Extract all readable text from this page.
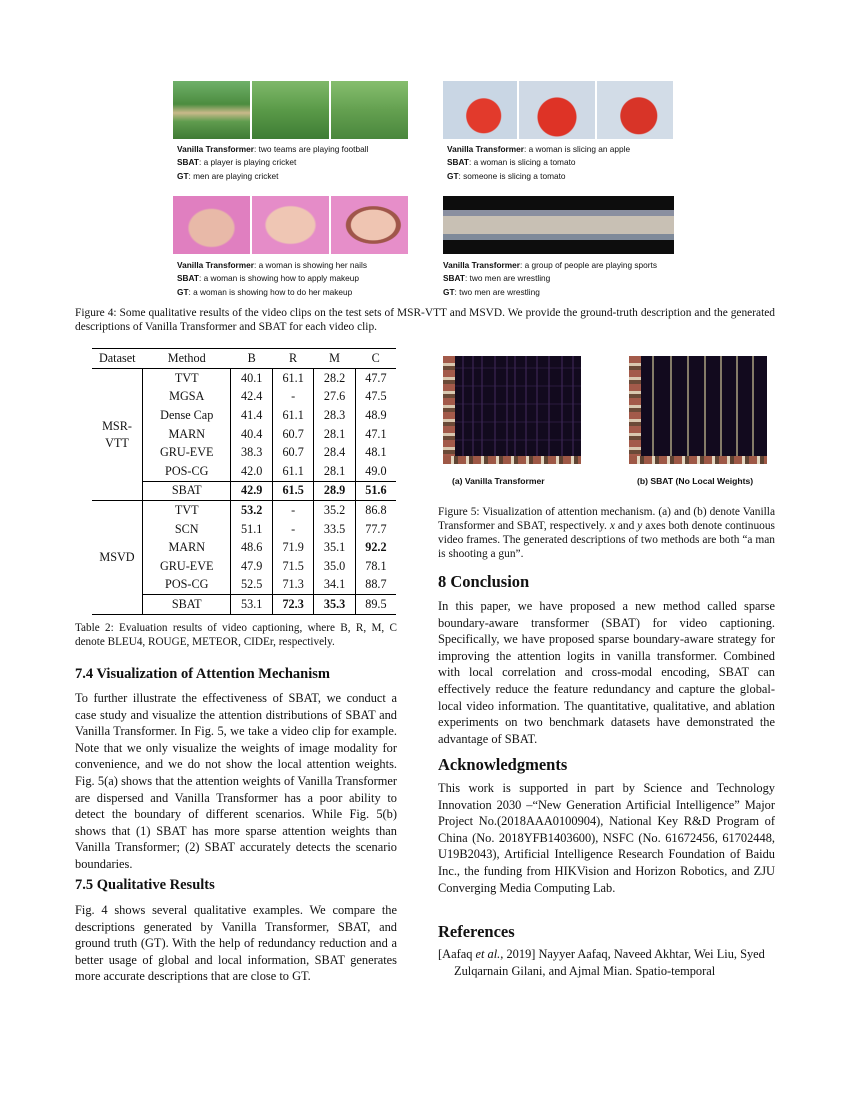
Vanilla Transformer: two teams are playing football
SBAT: a player is playing cricket
GT: men are playing cricket
Vanilla Transformer: a woman is slicing an apple
SBAT: a woman is slicing a tomato
GT: someone is slicing a tomato
Vanilla Transformer: a woman is showing her nails
SBAT: a woman is showing how to apply makeup
GT: a woman is showing how to do her makeup
Vanilla Transformer: a group of people are playing sports
SBAT: two men are wrestling
GT: two men are wrestling
Figure 4: Some qualitative results of the video clips on the test sets of MSR-VTT and MSVD. We provide the ground-truth description and the generated descriptions of Vanilla Transformer and SBAT for each video clip.
Dataset	Method	B	R	M	C
MSR-VTT	TVT	40.1	61.1	28.2	47.7
	MGSA	42.4	-	27.6	47.5
	Dense Cap	41.4	61.1	28.3	48.9
	MARN	40.4	60.7	28.1	47.1
	GRU-EVE	38.3	60.7	28.4	48.1
	POS-CG	42.0	61.1	28.1	49.0
	SBAT	42.9	61.5	28.9	51.6
MSVD	TVT	53.2	-	35.2	86.8
	SCN	51.1	-	33.5	77.7
	MARN	48.6	71.9	35.1	92.2
	GRU-EVE	47.9	71.5	35.0	78.1
	POS-CG	52.5	71.3	34.1	88.7
	SBAT	53.1	72.3	35.3	89.5
Table 2: Evaluation results of video captioning, where B, R, M, C denote BLEU4, ROUGE, METEOR, CIDEr, respectively.
7.4 Visualization of Attention Mechanism
To further illustrate the effectiveness of SBAT, we conduct a case study and visualize the attention distributions of SBAT and Vanilla Transformer. In Fig. 5, we take a video clip for example. Note that we only visualize the weights of image modality for convenience, and we do not show the local attention weights. Fig. 5(a) shows that the attention weights of Vanilla Transformer are dispersed and Vanilla Transformer has a poor ability to detect the boundary of different scenarios. While Fig. 5(b) shows that (1) SBAT has more sparse attention weights than Vanilla Transformer; (2) SBAT accurately detects the scenario boundaries.
7.5 Qualitative Results
Fig. 4 shows several qualitative examples. We compare the descriptions generated by Vanilla Transformer, SBAT, and ground truth (GT). With the help of redundancy reduction and a better usage of global and local information, SBAT generates more accurate descriptions that are close to GT.
(a) Vanilla Transformer	(b) SBAT (No Local Weights)
Figure 5: Visualization of attention mechanism. (a) and (b) denote Vanilla Transformer and SBAT, respectively. x and y axes both denote continuous video frames. The generated descriptions of two methods are both “a man is shooting a gun”.
8 Conclusion
In this paper, we have proposed a new method called sparse boundary-aware transformer (SBAT) for video captioning. Specifically, we have proposed sparse boundary-aware strategy for improving the attention logits in vanilla transformer. Combined with local correlation and cross-modal encoding, SBAT can effectively reduce the feature redundancy and capture the global-local video information. The quantitative, qualitative, and ablation experiments on two benchmark datasets have demonstrated the advantage of SBAT.
Acknowledgments
This work is supported in part by Science and Technology Innovation 2030 –“New Generation Artificial Intelligence” Major Project No.(2018AAA0100904), National Key R&D Program of China (No. 2018YFB1403600), NSFC (No. 61672456, 61702448, U19B2043), Artificial Intelligence Research Foundation of Baidu Inc., the funding from HIKVision and Horizon Robotics, and ZJU Converging Media Computing Lab.
References
[Aafaq et al., 2019] Nayyer Aafaq, Naveed Akhtar, Wei Liu, Syed Zulqarnain Gilani, and Ajmal Mian. Spatio-temporal
